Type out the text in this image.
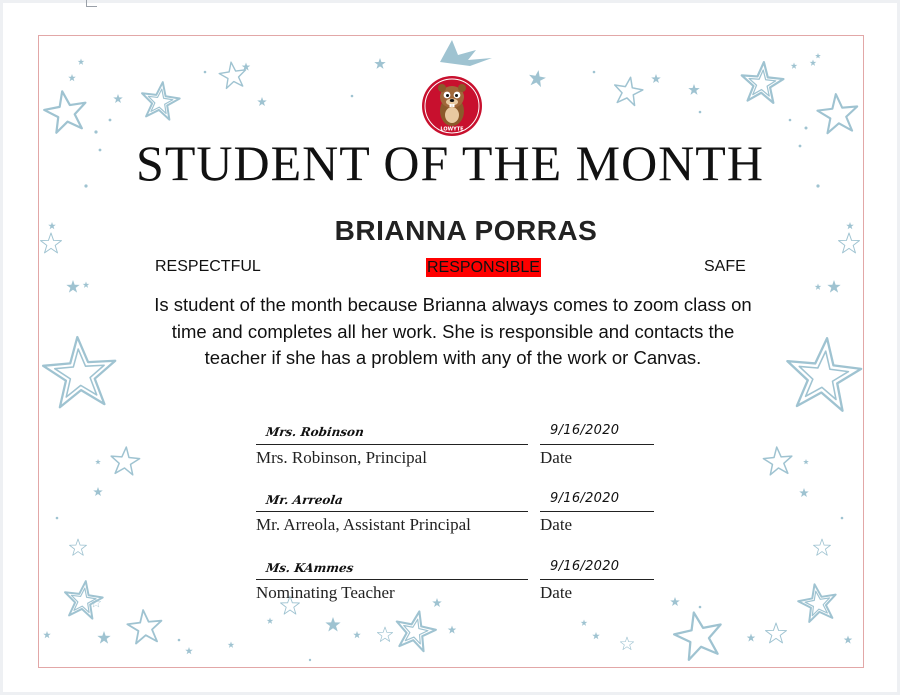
LOWYTE
STUDENT OF THE MONTH
BRIANNA PORRAS
RESPECTFUL	RESPONSIBLE	SAFE
Is student of the month because Brianna always comes to zoom class on time and completes all her work. She is responsible and contacts the teacher if she has a problem with any of the work or Canvas.
Mrs. Robinson	9/16/2020
Mrs. Robinson, Principal	Date
Mr. Arreola	9/16/2020
Mr. Arreola, Assistant Principal	Date
Ms. KAmmes	9/16/2020
Nominating Teacher	Date
